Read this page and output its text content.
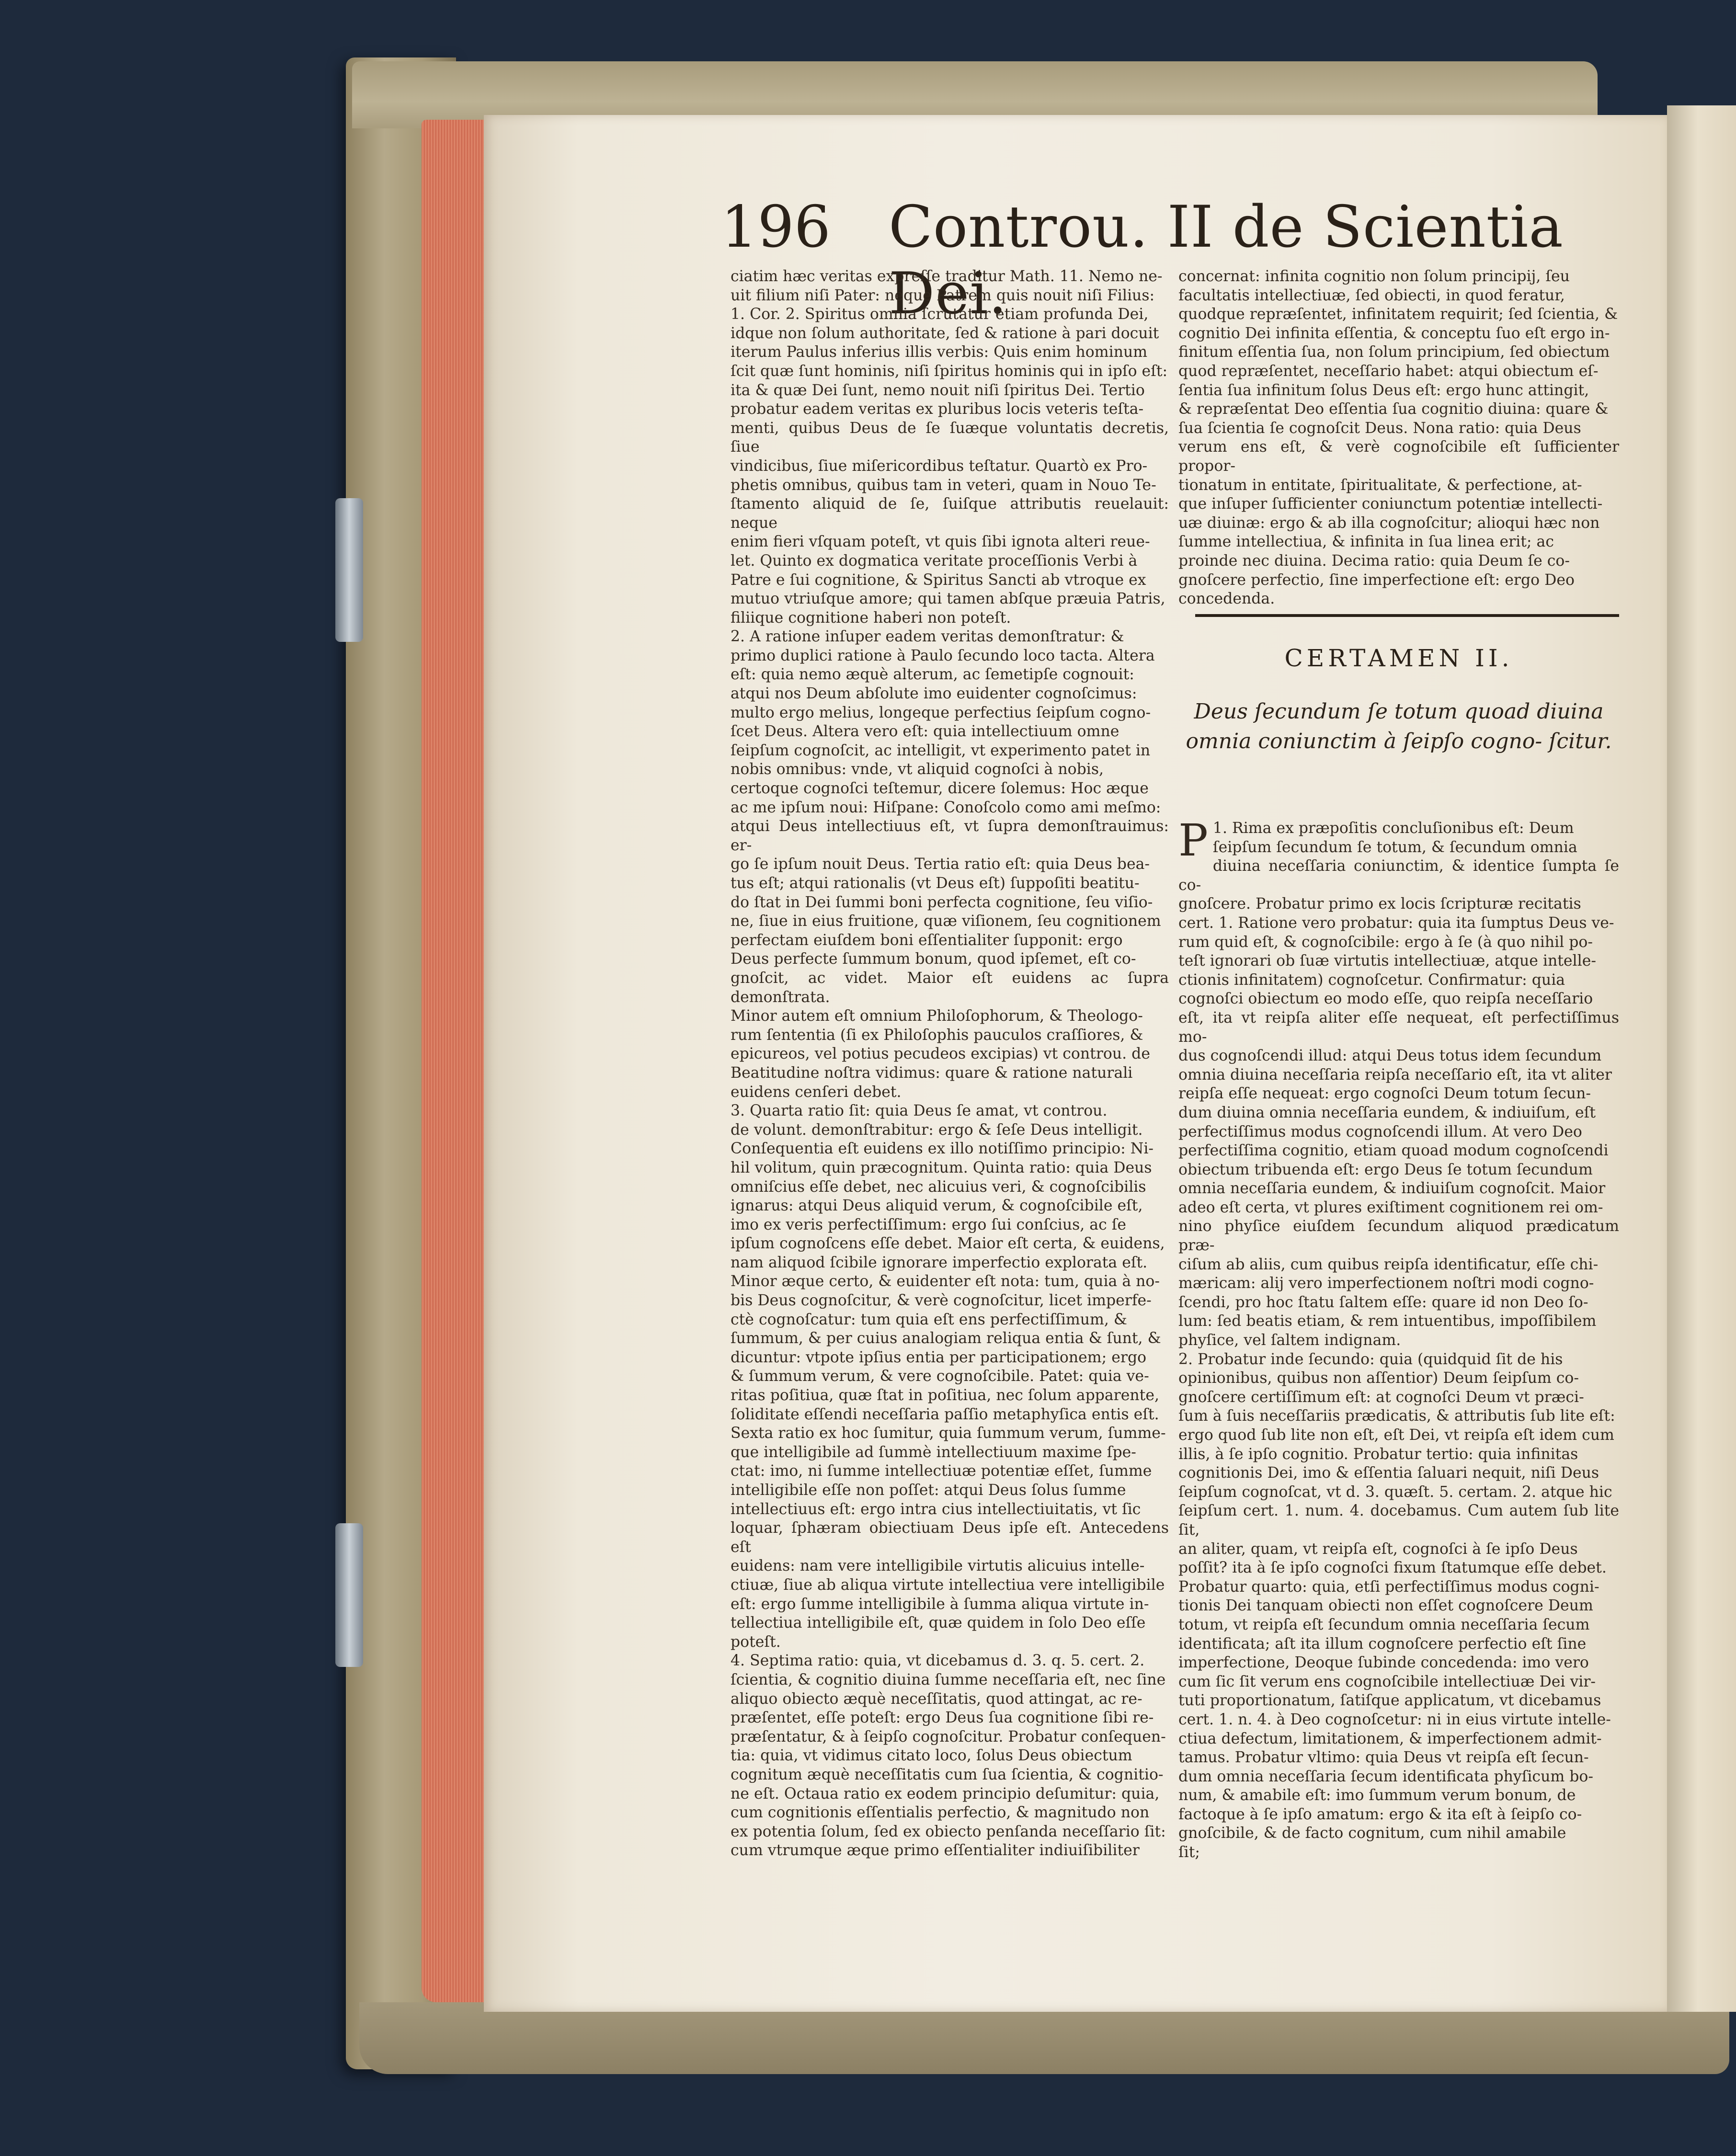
196 Controu. II de Scientia Dei.

ciatim hæc veritas expreſſe traditur Math. 11. Nemo ne-

uit filium niſi Pater: neque Patrem quis nouit niſi Filius:

1. Cor. 2. Spiritus omnia ſcrutatur etiam profunda Dei,

idque non ſolum authoritate, ſed & ratione à pari docuit

iterum Paulus inferius illis verbis: Quis enim hominum

ſcit quæ ſunt hominis, niſi ſpiritus hominis qui in ipſo eſt:

ita & quæ Dei ſunt, nemo nouit niſi ſpiritus Dei. Tertio

probatur eadem veritas ex pluribus locis veteris teſta-

menti, quibus Deus de ſe ſuæque voluntatis decretis, ſiue

vindicibus, ſiue miſericordibus teſtatur. Quartò ex Pro-

phetis omnibus, quibus tam in veteri, quam in Nouo Te-

ſtamento aliquid de ſe, ſuiſque attributis reuelauit: neque

enim fieri vſquam poteſt, vt quis ſibi ignota alteri reue-

let. Quinto ex dogmatica veritate proceſſionis Verbi à

Patre e ſui cognitione, & Spiritus Sancti ab vtroque ex

mutuo vtriuſque amore; qui tamen abſque præuia Patris,

filiique cognitione haberi non poteſt.

2. A ratione inſuper eadem veritas demonſtratur: &

primo duplici ratione à Paulo ſecundo loco tacta. Altera

eſt: quia nemo æquè alterum, ac ſemetipſe cognouit:

atqui nos Deum abſolute imo euidenter cognoſcimus:

multo ergo melius, longeque perfectius ſeipſum cogno-

ſcet Deus. Altera vero eſt: quia intellectiuum omne

ſeipſum cognoſcit, ac intelligit, vt experimento patet in

nobis omnibus: vnde, vt aliquid cognoſci à nobis,

certoque cognoſci teſtemur, dicere ſolemus: Hoc æque

ac me ipſum noui: Hiſpane: Conoſcolo como ami meſmo:

atqui Deus intellectiuus eſt, vt ſupra demonſtrauimus: er-

go ſe ipſum nouit Deus. Tertia ratio eſt: quia Deus bea-

tus eſt; atqui rationalis (vt Deus eſt) ſuppoſiti beatitu-

do ſtat in Dei ſummi boni perfecta cognitione, ſeu viſio-

ne, ſiue in eius fruitione, quæ viſionem, ſeu cognitionem

perfectam eiuſdem boni eſſentialiter ſupponit: ergo

Deus perfecte ſummum bonum, quod ipſemet, eſt co-

gnoſcit, ac videt. Maior eſt euidens ac ſupra demonſtrata.

Minor autem eſt omnium Philoſophorum, & Theologo-

rum ſententia (ſi ex Philoſophis pauculos craſſiores, &

epicureos, vel potius pecudeos excipias) vt controu. de

Beatitudine noſtra vidimus: quare & ratione naturali

euidens cenſeri debet.

3. Quarta ratio ſit: quia Deus ſe amat, vt controu.

de volunt. demonſtrabitur: ergo & ſeſe Deus intelligit.

Conſequentia eſt euidens ex illo notiſſimo principio: Ni-

hil volitum, quin præcognitum. Quinta ratio: quia Deus

omniſcius eſſe debet, nec alicuius veri, & cognoſcibilis

ignarus: atqui Deus aliquid verum, & cognoſcibile eſt,

imo ex veris perfectiſſimum: ergo ſui conſcius, ac ſe

ipſum cognoſcens eſſe debet. Maior eſt certa, & euidens,

nam aliquod ſcibile ignorare imperfectio explorata eſt.

Minor æque certo, & euidenter eſt nota: tum, quia à no-

bis Deus cognoſcitur, & verè cognoſcitur, licet imperfe-

ctè cognoſcatur: tum quia eſt ens perfectiſſimum, &

ſummum, & per cuius analogiam reliqua entia & ſunt, &

dicuntur: vtpote ipſius entia per participationem; ergo

& ſummum verum, & vere cognoſcibile. Patet: quia ve-

ritas poſitiua, quæ ſtat in poſitiua, nec ſolum apparente,

ſoliditate eſſendi neceſſaria paſſio metaphyſica entis eſt.

Sexta ratio ex hoc ſumitur, quia ſummum verum, ſumme-

que intelligibile ad ſummè intellectiuum maxime ſpe-

ctat: imo, ni ſumme intellectiuæ potentiæ eſſet, ſumme

intelligibile eſſe non poſſet: atqui Deus ſolus ſumme

intellectiuus eſt: ergo intra cius intellectiuitatis, vt ſic

loquar, ſphæram obiectiuam Deus ipſe eſt. Antecedens eſt

euidens: nam vere intelligibile virtutis alicuius intelle-

ctiuæ, ſiue ab aliqua virtute intellectiua vere intelligibile

eſt: ergo ſumme intelligibile à ſumma aliqua virtute in-

tellectiua intelligibile eſt, quæ quidem in ſolo Deo eſſe

poteſt.

4. Septima ratio: quia, vt dicebamus d. 3. q. 5. cert. 2.

ſcientia, & cognitio diuina ſumme neceſſaria eſt, nec ſine

aliquo obiecto æquè neceſſitatis, quod attingat, ac re-

præſentet, eſſe poteſt: ergo Deus ſua cognitione ſibi re-

præſentatur, & à ſeipſo cognoſcitur. Probatur conſequen-

tia: quia, vt vidimus citato loco, ſolus Deus obiectum

cognitum æquè neceſſitatis cum ſua ſcientia, & cognitio-

ne eſt. Octaua ratio ex eodem principio deſumitur: quia,

cum cognitionis eſſentialis perfectio, & magnitudo non

ex potentia ſolum, ſed ex obiecto penſanda neceſſario ſit:

cum vtrumque æque primo eſſentialiter indiuiſibiliter

concernat: infinita cognitio non ſolum principij, ſeu

facultatis intellectiuæ, ſed obiecti, in quod feratur,

quodque repræſentet, infinitatem requirit; ſed ſcientia, &

cognitio Dei infinita eſſentia, & conceptu ſuo eſt ergo in-

finitum eſſentia ſua, non ſolum principium, ſed obiectum

quod repræſentet, neceſſario habet: atqui obiectum eſ-

ſentia ſua infinitum ſolus Deus eſt: ergo hunc attingit,

& repræſentat Deo eſſentia ſua cognitio diuina: quare &

ſua ſcientia ſe cognoſcit Deus. Nona ratio: quia Deus

verum ens eſt, & verè cognoſcibile eſt ſufficienter propor-

tionatum in entitate, ſpiritualitate, & perfectione, at-

que inſuper ſufficienter coniunctum potentiæ intellecti-

uæ diuinæ: ergo & ab illa cognoſcitur; alioqui hæc non

ſumme intellectiua, & infinita in ſua linea erit; ac

proinde nec diuina. Decima ratio: quia Deum ſe co-

gnoſcere perfectio, ſine imperfectione eſt: ergo Deo

concedenda.

CERTAMEN II.
Deus ſecundum ſe totum quoad diuina omnia coniunctim à ſeipſo cogno- ſcitur.

P 1. Rima ex præpoſitis concluſionibus eſt: Deum

ſeipſum ſecundum ſe totum, & ſecundum omnia

diuina neceſſaria coniunctim, & identice ſumpta ſe co-

gnoſcere. Probatur primo ex locis ſcripturæ recitatis

cert. 1. Ratione vero probatur: quia ita ſumptus Deus ve-

rum quid eſt, & cognoſcibile: ergo à ſe (à quo nihil po-

teſt ignorari ob ſuæ virtutis intellectiuæ, atque intelle-

ctionis infinitatem) cognoſcetur. Confirmatur: quia

cognoſci obiectum eo modo eſſe, quo reipſa neceſſario

eſt, ita vt reipſa aliter eſſe nequeat, eſt perfectiſſimus mo-

dus cognoſcendi illud: atqui Deus totus idem ſecundum

omnia diuina neceſſaria reipſa neceſſario eſt, ita vt aliter

reipſa eſſe nequeat: ergo cognoſci Deum totum ſecun-

dum diuina omnia neceſſaria eundem, & indiuiſum, eſt

perfectiſſimus modus cognoſcendi illum. At vero Deo

perfectiſſima cognitio, etiam quoad modum cognoſcendi

obiectum tribuenda eſt: ergo Deus ſe totum ſecundum

omnia neceſſaria eundem, & indiuiſum cognoſcit. Maior

adeo eſt certa, vt plures exiſtiment cognitionem rei om-

nino phyſice eiuſdem ſecundum aliquod prædicatum præ-

ciſum ab aliis, cum quibus reipſa identificatur, eſſe chi-

mæricam: alij vero imperfectionem noſtri modi cogno-

ſcendi, pro hoc ſtatu ſaltem eſſe: quare id non Deo ſo-

lum: ſed beatis etiam, & rem intuentibus, impoſſibilem

phyſice, vel ſaltem indignam.

2. Probatur inde ſecundo: quia (quidquid ſit de his

opinionibus, quibus non aſſentior) Deum ſeipſum co-

gnoſcere certiſſimum eſt: at cognoſci Deum vt præci-

ſum à ſuis neceſſariis prædicatis, & attributis ſub lite eſt:

ergo quod ſub lite non eſt, eſt Dei, vt reipſa eſt idem cum

illis, à ſe ipſo cognitio. Probatur tertio: quia infinitas

cognitionis Dei, imo & eſſentia ſaluari nequit, niſi Deus

ſeipſum cognoſcat, vt d. 3. quæſt. 5. certam. 2. atque hic

ſeipſum cert. 1. num. 4. docebamus. Cum autem ſub lite ſit,

an aliter, quam, vt reipſa eſt, cognoſci à ſe ipſo Deus

poſſit? ita à ſe ipſo cognoſci fixum ſtatumque eſſe debet.

Probatur quarto: quia, etſi perfectiſſimus modus cogni-

tionis Dei tanquam obiecti non eſſet cognoſcere Deum

totum, vt reipſa eſt ſecundum omnia neceſſaria ſecum

identificata; aſt ita illum cognoſcere perfectio eſt ſine

imperfectione, Deoque ſubinde concedenda: imo vero

cum ſic ſit verum ens cognoſcibile intellectiuæ Dei vir-

tuti proportionatum, ſatiſque applicatum, vt dicebamus

cert. 1. n. 4. à Deo cognoſcetur: ni in eius virtute intelle-

ctiua defectum, limitationem, & imperfectionem admit-

tamus. Probatur vltimo: quia Deus vt reipſa eſt ſecun-

dum omnia neceſſaria ſecum identificata phyſicum bo-

num, & amabile eſt: imo ſummum verum bonum, de

factoque à ſe ipſo amatum: ergo & ita eſt à ſeipſo co-

gnoſcibile, & de facto cognitum, cum nihil amabile

ſit;
